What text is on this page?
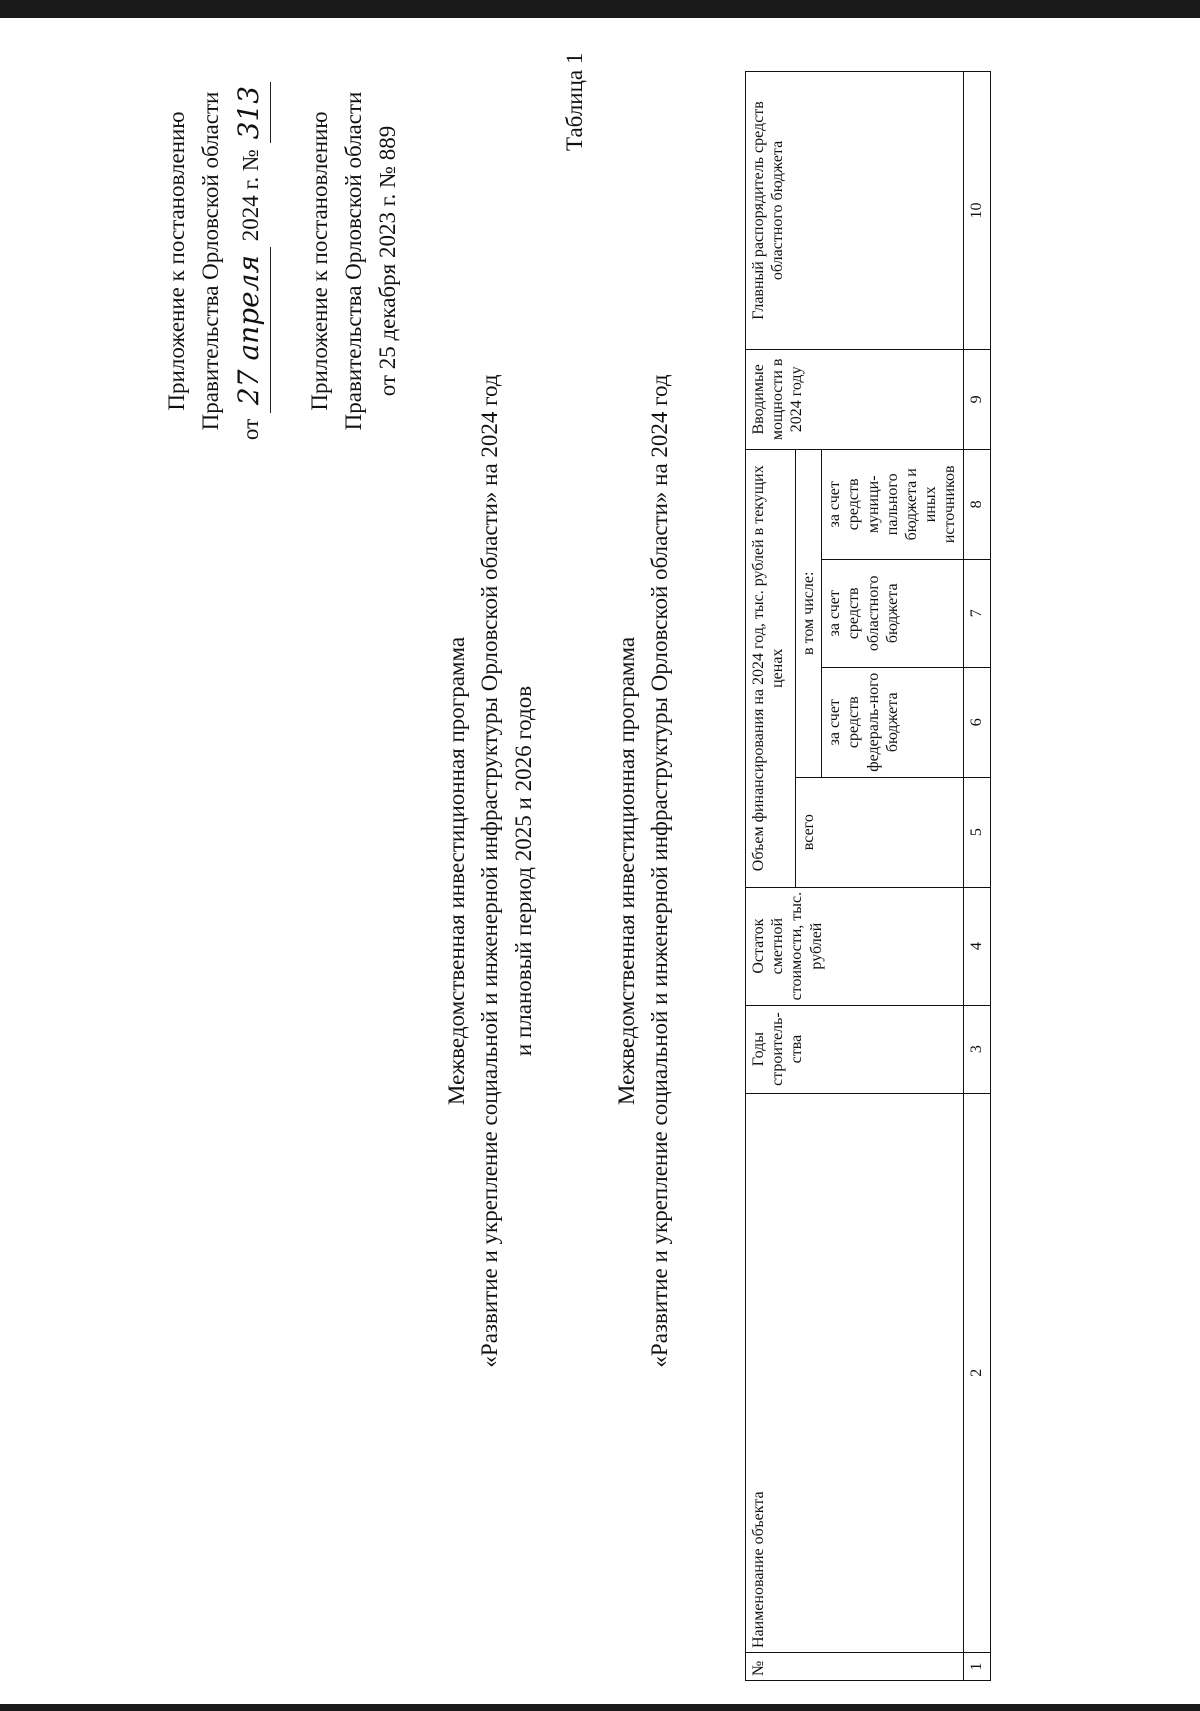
Приложение к постановлению Правительства Орловской области от 27 апреля 2024 г. № 313 Приложение к постановлению Правительства Орловской области от 25 декабря 2023 г. № 889
Таблица 1
Межведомственная инвестиционная программа «Развитие и укрепление социальной и инженерной инфраструктуры Орловской области» на 2024 год и плановый период 2025 и 2026 годов	Межведомственная инвестиционная программа «Развитие и укрепление социальной и инженерной инфраструктуры Орловской области» на 2024 год
№	Наименование объекта	Годы строитель-ства	Остаток сметной стоимости, тыс. рублей	Объем финансирования на 2024 год, тыс. рублей в текущих ценах				Вводимые мощности в 2024 году	Главный распорядитель средств областного бюджета
				всего	в том числе:				
					за счет средств федераль-ного бюджета	за счет средств областного бюджета	за счет средств муници-пального бюджета и иных источников		
1	2	3	4	5	6	7	8	9	10
